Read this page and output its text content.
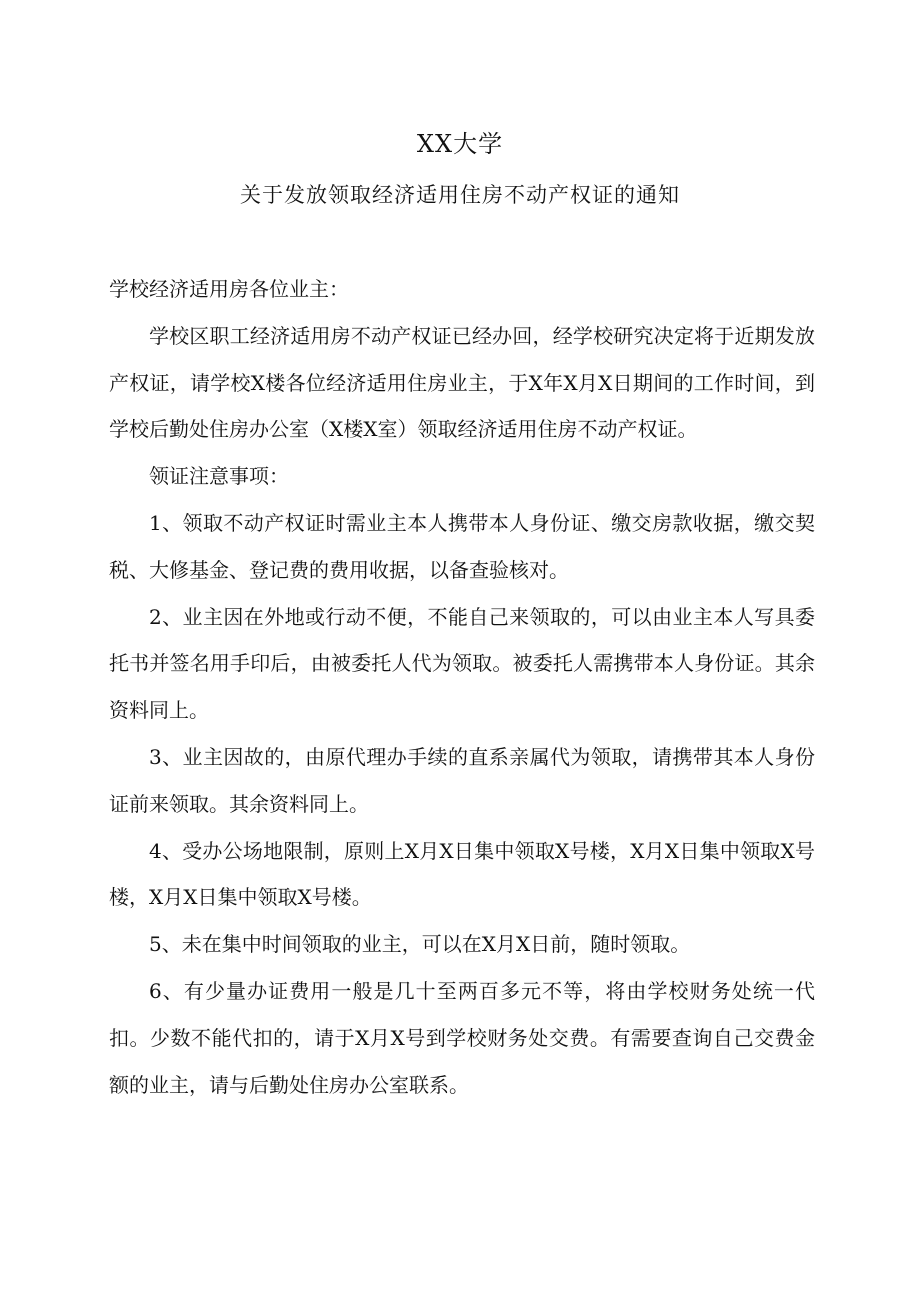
XX大学
关于发放领取经济适用住房不动产权证的通知

学校经济适用房各位业主：

学校区职工经济适用房不动产权证已经办回，经学校研究决定将于近期发放产权证，请学校X楼各位经济适用住房业主，于X年X月X日期间的工作时间，到学校后勤处住房办公室（X楼X室）领取经济适用住房不动产权证。

领证注意事项：

1、领取不动产权证时需业主本人携带本人身份证、缴交房款收据，缴交契税、大修基金、登记费的费用收据，以备查验核对。

2、业主因在外地或行动不便，不能自己来领取的，可以由业主本人写具委托书并签名用手印后，由被委托人代为领取。被委托人需携带本人身份证。其余资料同上。

3、业主因故的，由原代理办手续的直系亲属代为领取，请携带其本人身份证前来领取。其余资料同上。

4、受办公场地限制，原则上X月X日集中领取X号楼，X月X日集中领取X号楼，X月X日集中领取X号楼。

5、未在集中时间领取的业主，可以在X月X日前，随时领取。

6、有少量办证费用一般是几十至两百多元不等，将由学校财务处统一代扣。少数不能代扣的，请于X月X号到学校财务处交费。有需要查询自己交费金额的业主，请与后勤处住房办公室联系。
